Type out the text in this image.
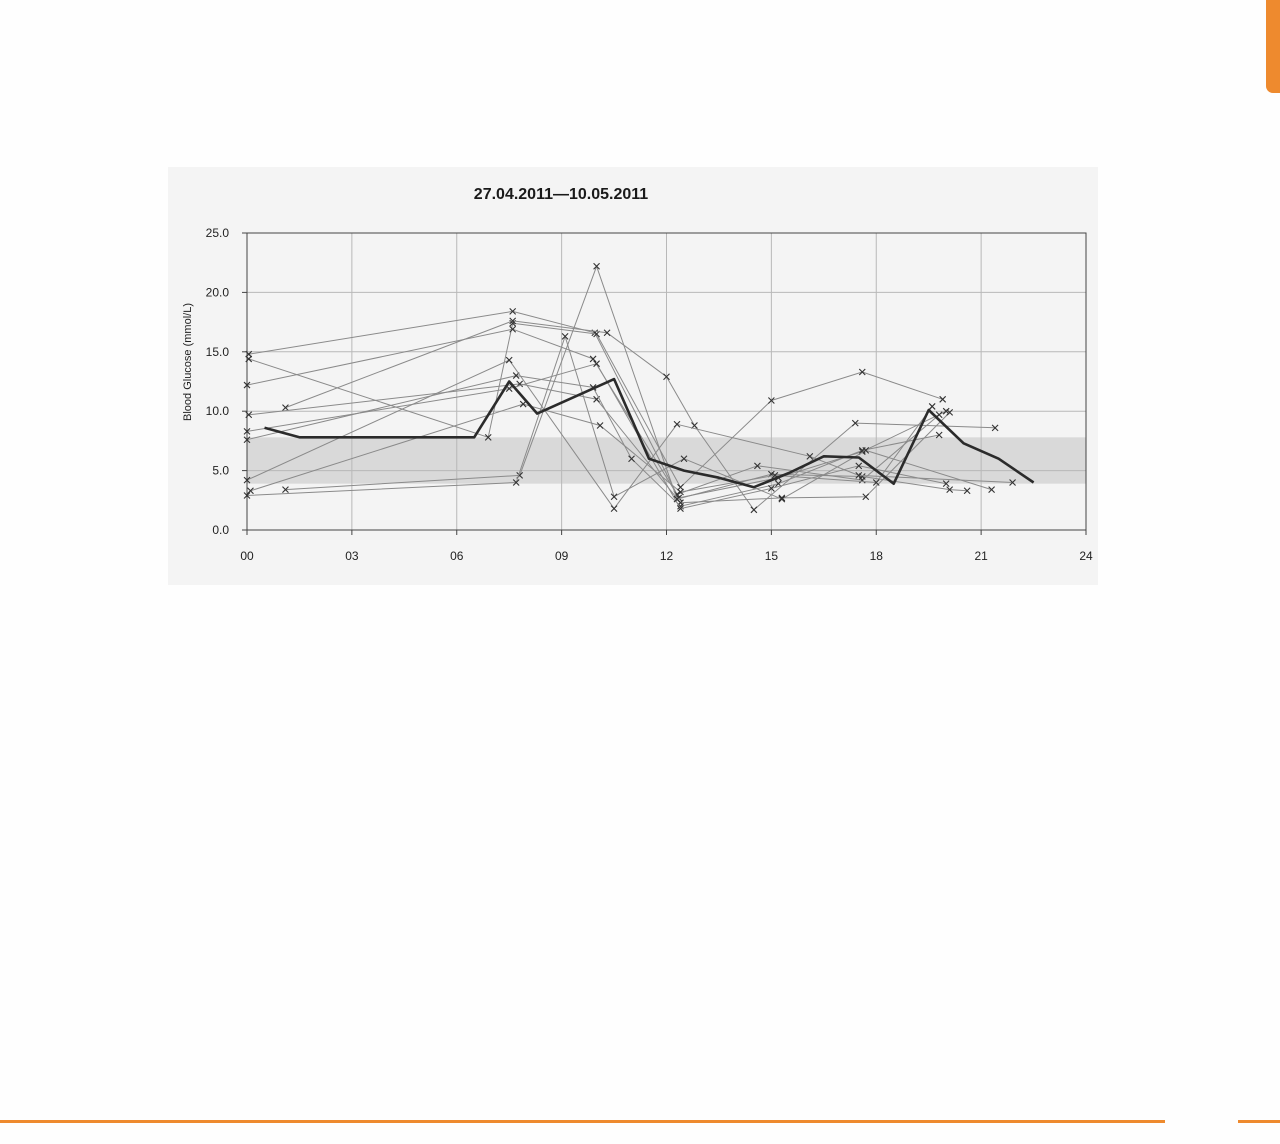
00	03	06	09	12	15	18	21	24
0.0
5.0
10.0
15.0
20.0
25.0
27.04.2011—10.05.2011
Blood Glucose (mmol/L)
